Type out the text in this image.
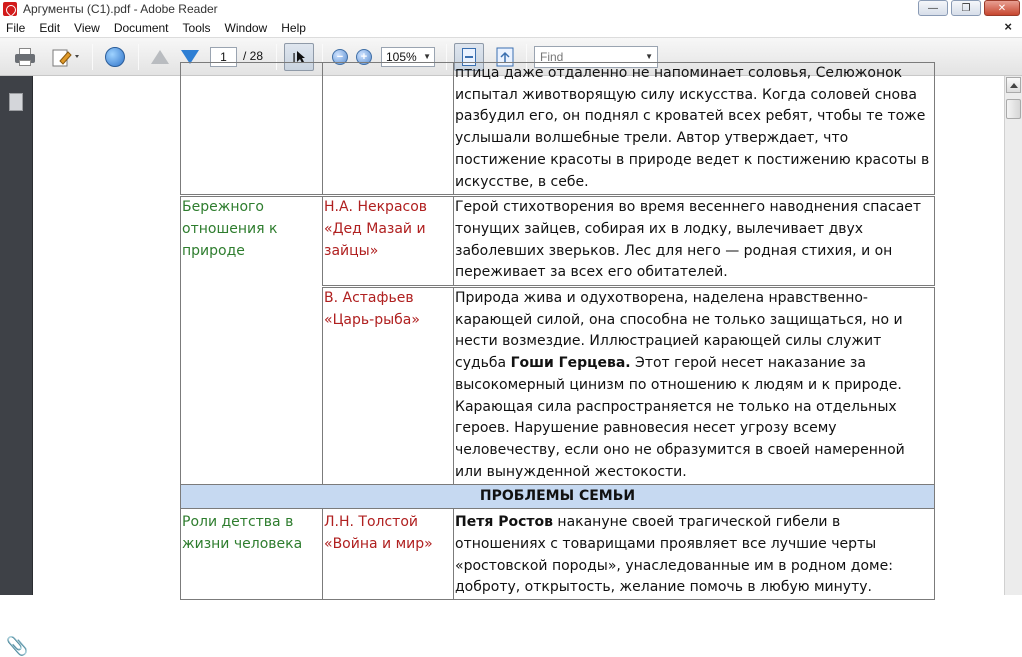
Аргументы (С1).pdf - Adobe Reader	—	❐	✕
File	Edit	View	Document	Tools	Window	Help	×
1	/ 28 I	−	+	105% ▼	Find	▼
📎

		птица даже отдаленно не напоминает соловья, Селюжонок испытал животворящую силу искусства. Когда соловей снова разбудил его, он поднял с кроватей всех ребят, чтобы те тоже услышали волшебные трели. Автор утверждает, что постижение красоты в природе ведет к постижению красоты в искусстве, в себе.

Бережного отношения к природе	Н.А. Некрасов «Дед Мазай и зайцы»	Герой стихотворения во время весеннего наводнения спасает тонущих зайцев, собирая их в лодку, вылечивает двух заболевших зверьков. Лес для него — родная стихия, и он переживает за всех его обитателей.

	В. Астафьев «Царь-рыба»	Природа жива и одухотворена, наделена нравственно-карающей силой, она способна не только защищаться, но и нести возмездие. Иллюстрацией карающей силы служит судьба Гоши Герцева. Этот герой несет наказание за высокомерный цинизм по отношению к людям и к природе. Карающая сила распространяется не только на отдельных героев. Нарушение равновесия несет угрозу всему человечеству, если оно не образумится в своей намеренной или вынужденной жестокости.

ПРОБЛЕМЫ СЕМЬИ		

Роли детства в жизни человека	Л.Н. Толстой «Война и мир»	Петя Ростов накануне своей трагической гибели в отношениях с товарищами проявляет все лучшие черты «ростовской породы», унаследованные им в родном доме: доброту, открытость, желание помочь в любую минуту.
